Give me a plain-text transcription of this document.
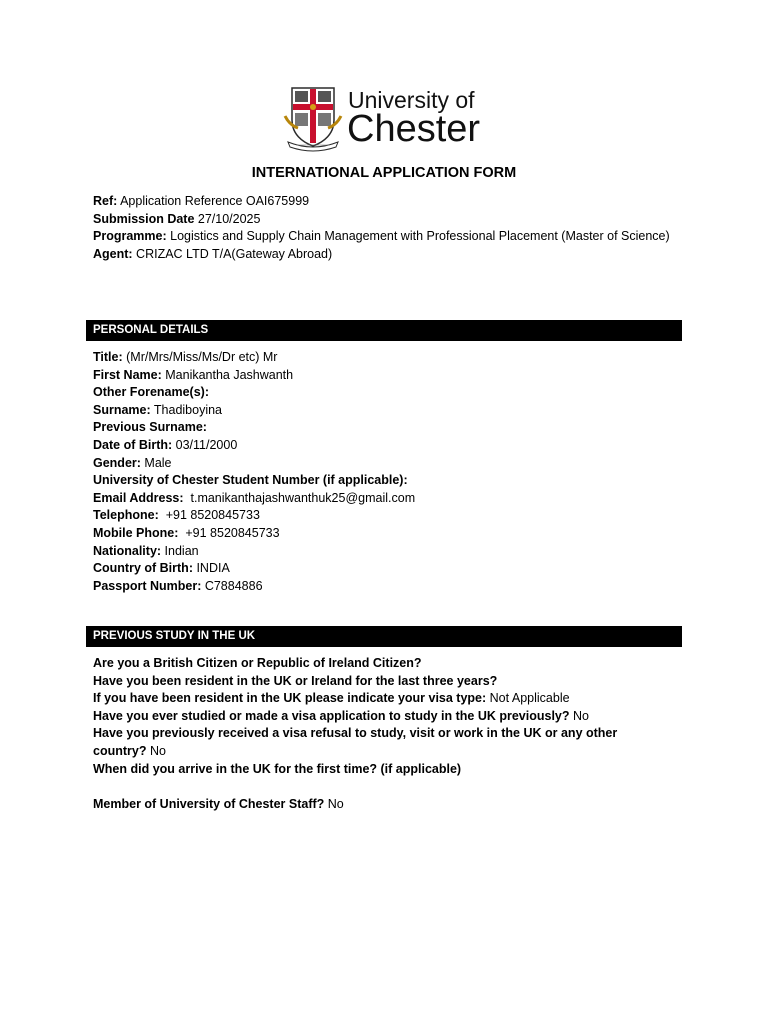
University of
Chester
INTERNATIONAL APPLICATION FORM
Ref: Application Reference OAI675999
Submission Date 27/10/2025
Programme: Logistics and Supply Chain Management with Professional Placement (Master of Science)
Agent: CRIZAC LTD T/A(Gateway Abroad)
PERSONAL DETAILS
Title: (Mr/Mrs/Miss/Ms/Dr etc) Mr
First Name: Manikantha Jashwanth
Other Forename(s):
Surname: Thadiboyina
Previous Surname:
Date of Birth: 03/11/2000
Gender: Male
University of Chester Student Number (if applicable):
Email Address:  t.manikanthajashwanthuk25@gmail.com
Telephone:  +91 8520845733
Mobile Phone:  +91 8520845733
Nationality: Indian
Country of Birth: INDIA
Passport Number: C7884886
PREVIOUS STUDY IN THE UK
Are you a British Citizen or Republic of Ireland Citizen?
Have you been resident in the UK or Ireland for the last three years?
If you have been resident in the UK please indicate your visa type: Not Applicable
Have you ever studied or made a visa application to study in the UK previously? No
Have you previously received a visa refusal to study, visit or work in the UK or any other country? No
When did you arrive in the UK for the first time? (if applicable)
Member of University of Chester Staff? No
